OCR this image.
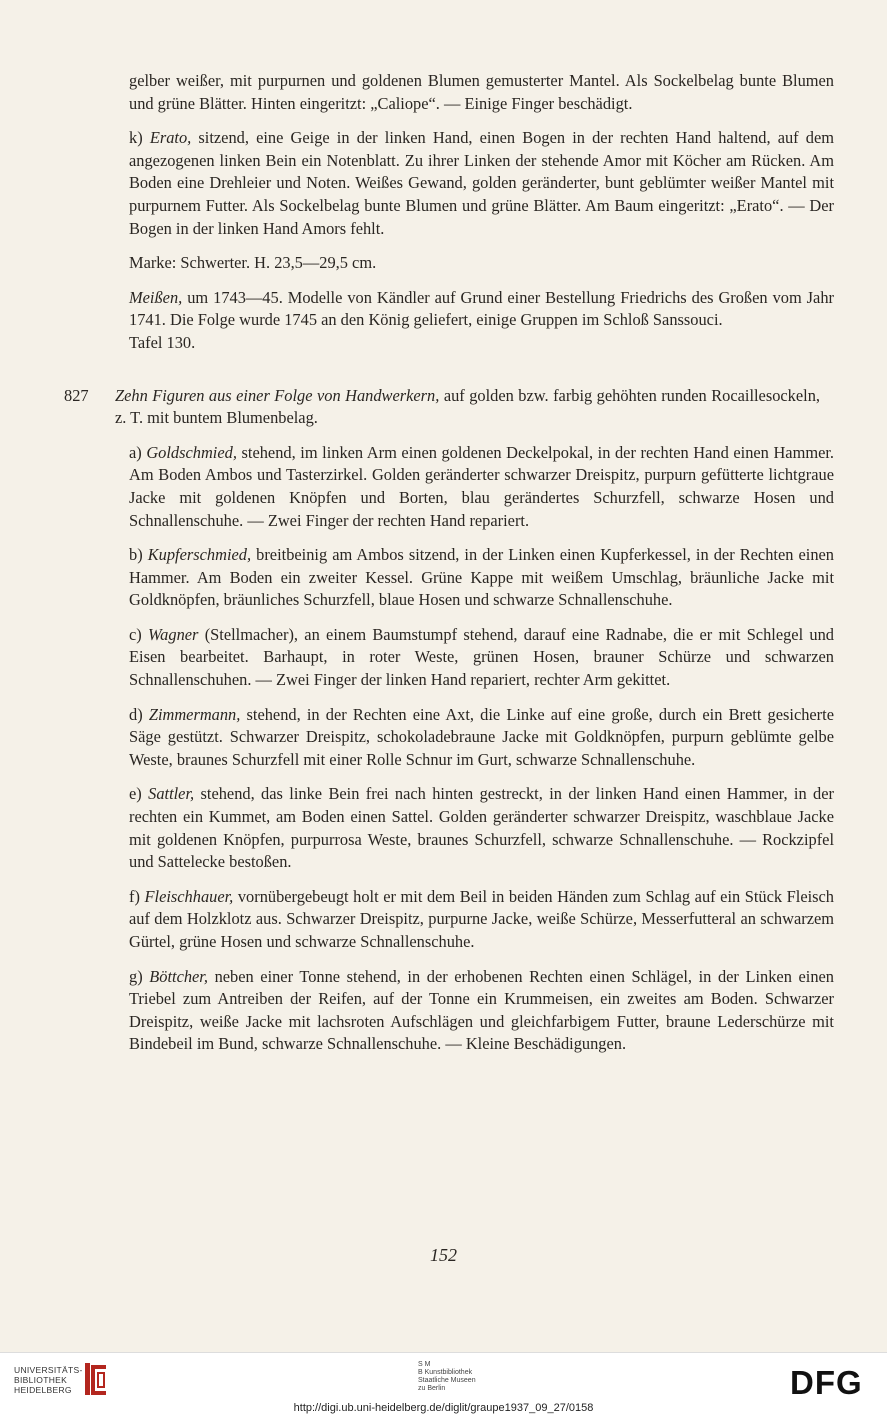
gelber weißer, mit purpurnen und goldenen Blumen gemusterter Mantel. Als Sockelbelag bunte Blumen und grüne Blätter. Hinten eingeritzt: „Caliope“. — Einige Finger beschädigt.

k) Erato, sitzend, eine Geige in der linken Hand, einen Bogen in der rechten Hand haltend, auf dem angezogenen linken Bein ein Notenblatt. Zu ihrer Linken der stehende Amor mit Köcher am Rücken. Am Boden eine Drehleier und Noten. Weißes Gewand, golden geränderter, bunt geblümter weißer Mantel mit purpurnem Futter. Als Sockelbelag bunte Blumen und grüne Blätter. Am Baum eingeritzt: „Erato“. — Der Bogen in der linken Hand Amors fehlt.

Marke: Schwerter. H. 23,5—29,5 cm.

Meißen, um 1743—45. Modelle von Kändler auf Grund einer Bestellung Friedrichs des Großen vom Jahr 1741. Die Folge wurde 1745 an den König geliefert, einige Gruppen im Schloß Sanssouci.

Tafel 130.

827 Zehn Figuren aus einer Folge von Handwerkern, auf golden bzw. farbig gehöhten runden Rocaillesockeln, z. T. mit buntem Blumenbelag.

a) Goldschmied, stehend, im linken Arm einen goldenen Deckelpokal, in der rechten Hand einen Hammer. Am Boden Ambos und Tasterzirkel. Golden geränderter schwarzer Dreispitz, purpurn gefütterte lichtgraue Jacke mit goldenen Knöpfen und Borten, blau gerändertes Schurzfell, schwarze Hosen und Schnallenschuhe. — Zwei Finger der rechten Hand repariert.

b) Kupferschmied, breitbeinig am Ambos sitzend, in der Linken einen Kupferkessel, in der Rechten einen Hammer. Am Boden ein zweiter Kessel. Grüne Kappe mit weißem Umschlag, bräunliche Jacke mit Goldknöpfen, bräunliches Schurzfell, blaue Hosen und schwarze Schnallenschuhe.

c) Wagner (Stellmacher), an einem Baumstumpf stehend, darauf eine Radnabe, die er mit Schlegel und Eisen bearbeitet. Barhaupt, in roter Weste, grünen Hosen, brauner Schürze und schwarzen Schnallenschuhen. — Zwei Finger der linken Hand repariert, rechter Arm gekittet.

d) Zimmermann, stehend, in der Rechten eine Axt, die Linke auf eine große, durch ein Brett gesicherte Säge gestützt. Schwarzer Dreispitz, schokoladebraune Jacke mit Goldknöpfen, purpurn geblümte gelbe Weste, braunes Schurzfell mit einer Rolle Schnur im Gurt, schwarze Schnallenschuhe.

e) Sattler, stehend, das linke Bein frei nach hinten gestreckt, in der linken Hand einen Hammer, in der rechten ein Kummet, am Boden einen Sattel. Golden geränderter schwarzer Dreispitz, waschblaue Jacke mit goldenen Knöpfen, purpurrosa Weste, braunes Schurzfell, schwarze Schnallenschuhe. — Rockzipfel und Sattelecke bestoßen.

f) Fleischhauer, vornübergebeugt holt er mit dem Beil in beiden Händen zum Schlag auf ein Stück Fleisch auf dem Holzklotz aus. Schwarzer Dreispitz, purpurne Jacke, weiße Schürze, Messerfutteral an schwarzem Gürtel, grüne Hosen und schwarze Schnallenschuhe.

g) Böttcher, neben einer Tonne stehend, in der erhobenen Rechten einen Schlägel, in der Linken einen Triebel zum Antreiben der Reifen, auf der Tonne ein Krummeisen, ein zweites am Boden. Schwarzer Dreispitz, weiße Jacke mit lachsroten Aufschlägen und gleichfarbigem Futter, braune Lederschürze mit Bindebeil im Bund, schwarze Schnallenschuhe. — Kleine Beschädigungen.

152
UNIVERSITÄTS-
BIBLIOTHEK
HEIDELBERG
S M
B Kunstbibliothek
Staatliche Museen
zu Berlin	DFG
http://digi.ub.uni-heidelberg.de/diglit/graupe1937_09_27/0158
